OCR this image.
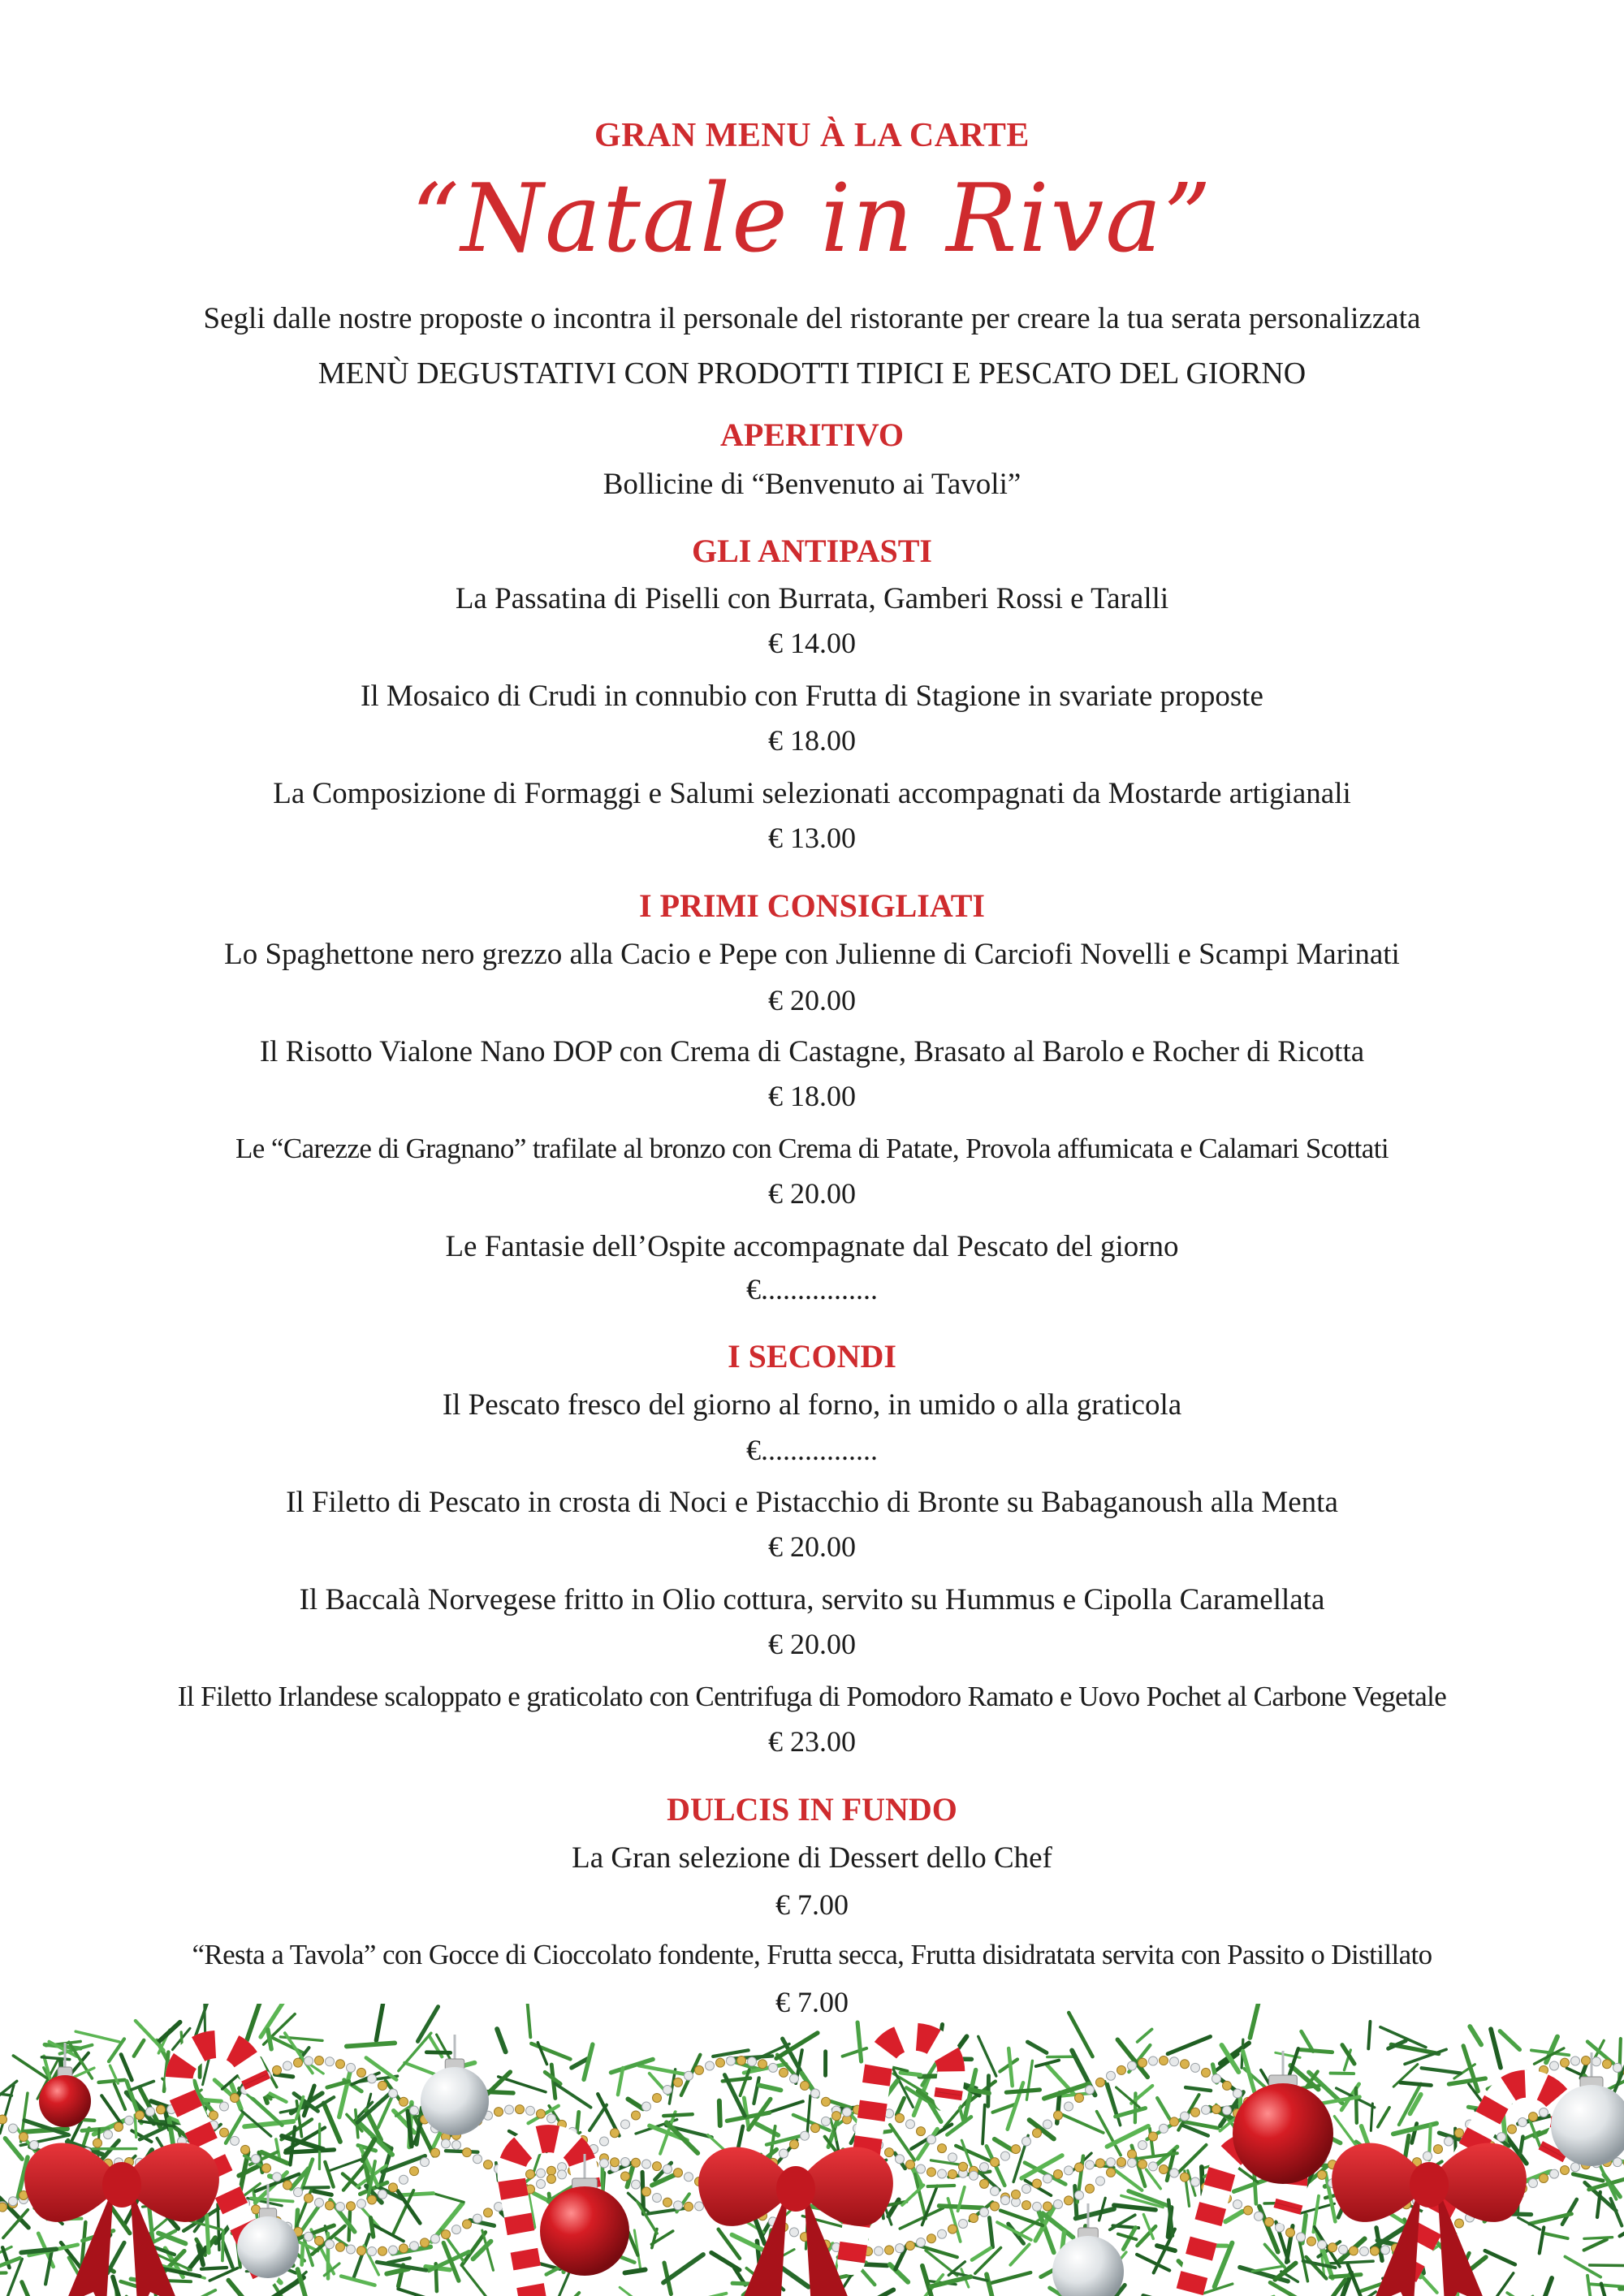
GRAN MENU À LA CARTE

“Natale in Riva”

Segli dalle nostre proposte o incontra il personale del ristorante per creare la tua serata personalizzata

MENÙ DEGUSTATIVI CON PRODOTTI TIPICI E PESCATO DEL GIORNO

APERITIVO

Bollicine di “Benvenuto ai Tavoli”

GLI ANTIPASTI

La Passatina di Piselli con Burrata, Gamberi Rossi e Taralli

€ 14.00

Il Mosaico di Crudi in connubio con Frutta di Stagione in svariate proposte

€ 18.00

La Composizione di Formaggi e Salumi selezionati accompagnati da Mostarde artigianali

€ 13.00

I PRIMI CONSIGLIATI

Lo Spaghettone nero grezzo alla Cacio e Pepe con Julienne di Carciofi Novelli e Scampi Marinati

€ 20.00

Il Risotto Vialone Nano DOP con Crema di Castagne, Brasato al Barolo e Rocher di Ricotta

€ 18.00

Le “Carezze di Gragnano” trafilate al bronzo con Crema di Patate, Provola affumicata e Calamari Scottati

€ 20.00

Le Fantasie dell’Ospite accompagnate dal Pescato del giorno

€................

I SECONDI

Il Pescato fresco del giorno al forno, in umido o alla graticola

€................

Il Filetto di Pescato in crosta di Noci e Pistacchio di Bronte su Babaganoush alla Menta

€ 20.00

Il Baccalà Norvegese fritto in Olio cottura, servito su Hummus e Cipolla Caramellata

€ 20.00

Il Filetto Irlandese scaloppato e graticolato con Centrifuga di Pomodoro Ramato e Uovo Pochet al Carbone Vegetale

€ 23.00

DULCIS IN FUNDO

La Gran selezione di Dessert dello Chef

€ 7.00

“Resta a Tavola” con Gocce di Cioccolato fondente, Frutta secca, Frutta disidratata servita con Passito o Distillato

€ 7.00
